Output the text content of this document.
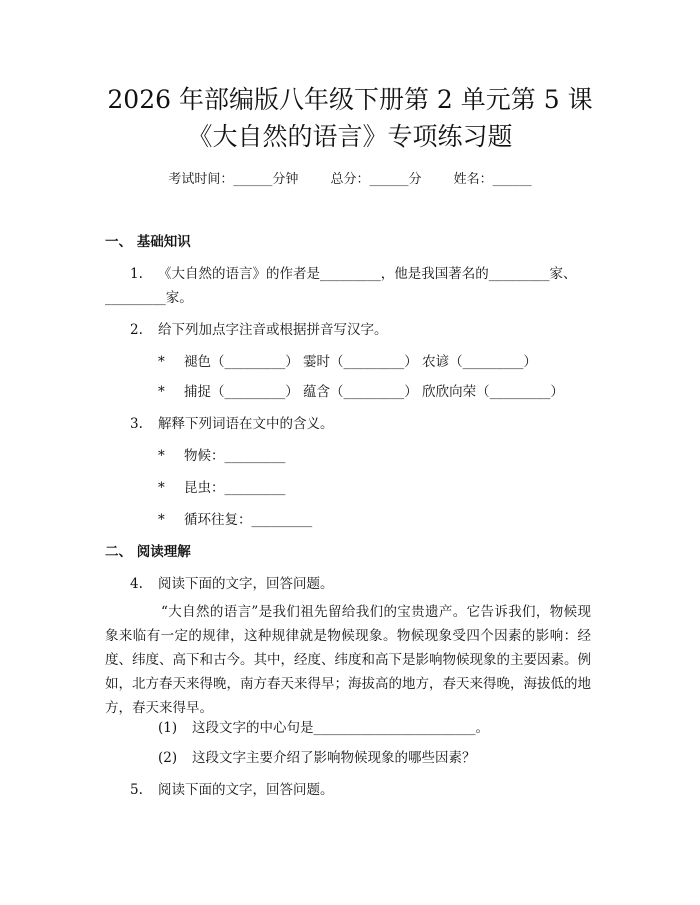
2026 年部编版八年级下册第 2 单元第 5 课
《大自然的语言》专项练习题
考试时间：______分钟 总分：______分 姓名：______
一、 基础知识
1. 《大自然的语言》的作者是_________，他是我国著名的_________家、
_________家。
2. 给下列加点字注音或根据拼音写汉字。
* 褪色（_________） 霎时（_________） 农谚（_________）
* 捕捉（_________） 蕴含（_________） 欣欣向荣（_________）
3. 解释下列词语在文中的含义。
* 物候：_________
* 昆虫：_________
* 循环往复：_________
二、 阅读理解
4. 阅读下面的文字，回答问题。

“大自然的语言”是我们祖先留给我们的宝贵遗产。它告诉我们，物候现象来临有一定的规律，这种规律就是物候现象。物候现象受四个因素的影响：经度、纬度、高下和古今。其中，经度、纬度和高下是影响物候现象的主要因素。例如，北方春天来得晚，南方春天来得早；海拔高的地方，春天来得晚，海拔低的地方，春天来得早。

(1) 这段文字的中心句是________________________。
(2) 这段文字主要介绍了影响物候现象的哪些因素？
5. 阅读下面的文字，回答问题。
